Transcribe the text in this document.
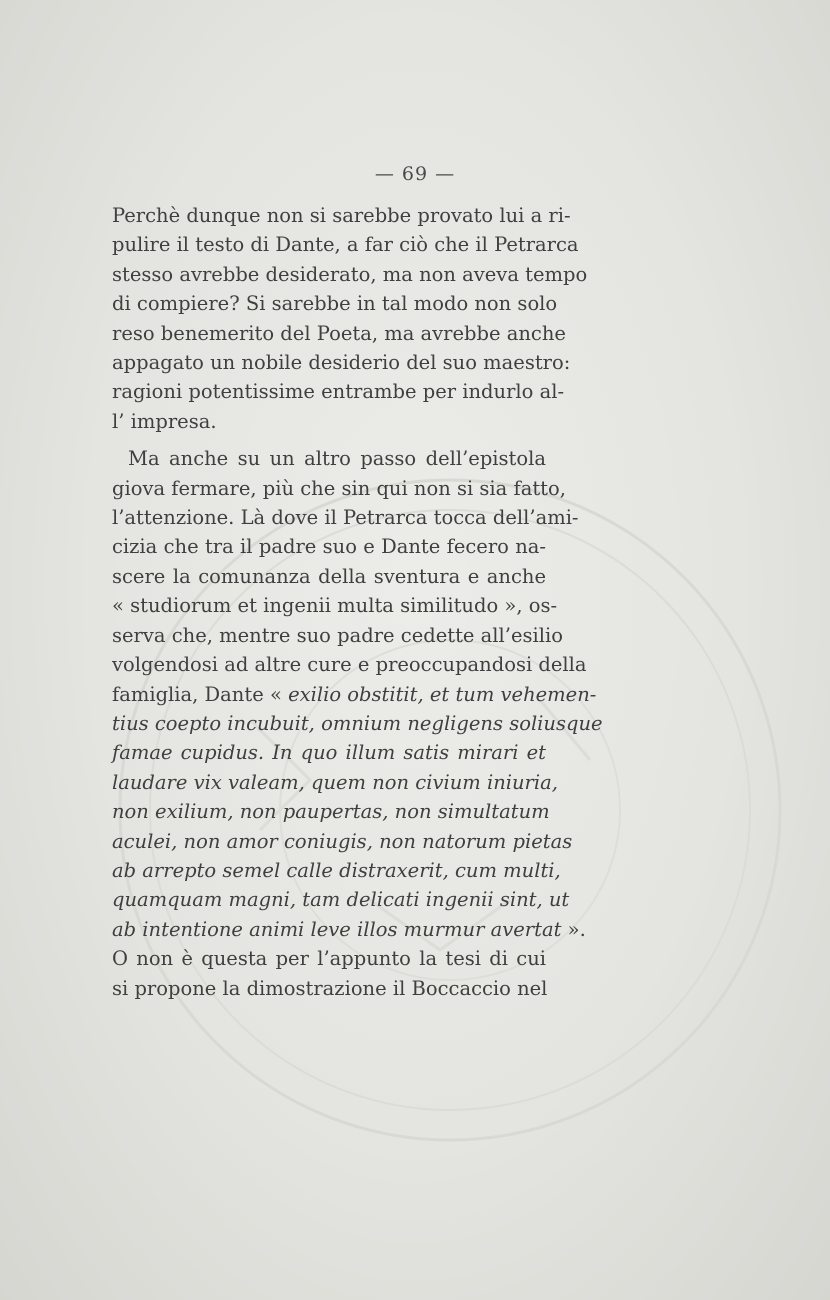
— 69 —
Perchè dunque non si sarebbe provato lui a ri-
pulire il testo di Dante, a far ciò che il Petrarca
stesso avrebbe desiderato, ma non aveva tempo
di compiere? Si sarebbe in tal modo non solo
reso benemerito del Poeta, ma avrebbe anche
appagato un nobile desiderio del suo maestro:
ragioni potentissime entrambe per indurlo al-
l’ impresa.
Ma anche su un altro passo dell’epistola
giova fermare, più che sin qui non si sia fatto,
l’attenzione. Là dove il Petrarca tocca dell’ami-
cizia che tra il padre suo e Dante fecero na-
scere la comunanza della sventura e anche
« studiorum et ingenii multa similitudo », os-
serva che, mentre suo padre cedette all’esilio
volgendosi ad altre cure e preoccupandosi della
famiglia, Dante « exilio obstitit, et tum vehemen-
tius coepto incubuit, omnium negligens soliusque
famae cupidus. In quo illum satis mirari et
laudare vix valeam, quem non civium iniuria,
non exilium, non paupertas, non simultatum
aculei, non amor coniugis, non natorum pietas
ab arrepto semel calle distraxerit, cum multi,
quamquam magni, tam delicati ingenii sint, ut
ab intentione animi leve illos murmur avertat ».
O non è questa per l’appunto la tesi di cui
si propone la dimostrazione il Boccaccio nel
